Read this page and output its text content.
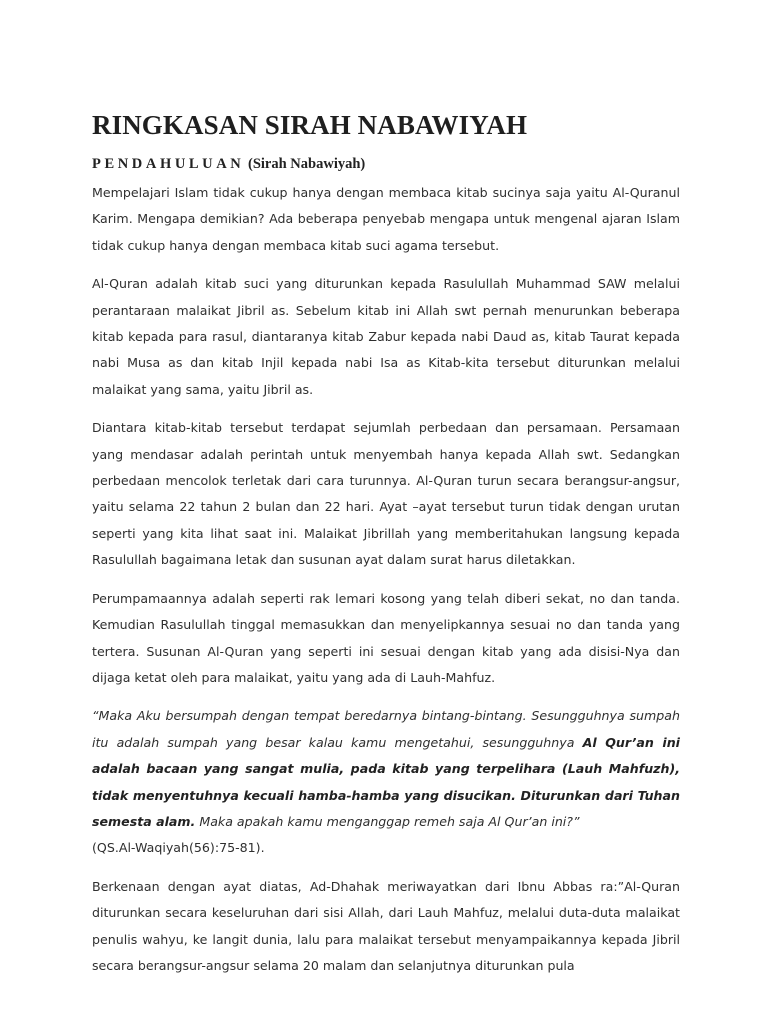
RINGKASAN SIRAH NABAWIYAH
PENDAHULUAN (Sirah Nabawiyah)

Mempelajari Islam tidak cukup hanya dengan membaca kitab sucinya saja yaitu Al-Quranul Karim. Mengapa demikian? Ada beberapa penyebab mengapa untuk mengenal ajaran Islam tidak cukup hanya dengan membaca kitab suci agama tersebut.

Al-Quran adalah kitab suci yang diturunkan kepada Rasulullah Muhammad SAW melalui perantaraan malaikat Jibril as. Sebelum kitab ini Allah swt pernah menurunkan beberapa kitab kepada para rasul, diantaranya kitab Zabur kepada nabi Daud as, kitab Taurat kepada nabi Musa as dan kitab Injil kepada nabi Isa as Kitab-kita tersebut diturunkan melalui malaikat yang sama, yaitu Jibril as.

Diantara kitab-kitab tersebut terdapat sejumlah perbedaan dan persamaan. Persamaan yang mendasar adalah perintah untuk menyembah hanya kepada Allah swt. Sedangkan perbedaan mencolok terletak dari cara turunnya. Al-Quran turun secara berangsur-angsur, yaitu selama 22 tahun 2 bulan dan 22 hari. Ayat –ayat tersebut turun tidak dengan urutan seperti yang kita lihat saat ini. Malaikat Jibrillah yang memberitahukan langsung kepada Rasulullah bagaimana letak dan susunan ayat dalam surat harus diletakkan.

Perumpamaannya adalah seperti rak lemari kosong yang telah diberi sekat, no dan tanda. Kemudian Rasulullah tinggal memasukkan dan menyelipkannya sesuai no dan tanda yang tertera. Susunan Al-Quran yang seperti ini sesuai dengan kitab yang ada disisi-Nya dan dijaga ketat oleh para malaikat, yaitu yang ada di Lauh-Mahfuz.

“Maka Aku bersumpah dengan tempat beredarnya bintang-bintang. Sesungguhnya sumpah itu adalah sumpah yang besar kalau kamu mengetahui, sesungguhnya Al Qur’an ini adalah bacaan yang sangat mulia, pada kitab yang terpelihara (Lauh Mahfuzh), tidak menyentuhnya kecuali hamba-hamba yang disucikan. Diturunkan dari Tuhan semesta alam. Maka apakah kamu menganggap remeh saja Al Qur’an ini?”
(QS.Al-Waqiyah(56):75-81).

Berkenaan dengan ayat diatas, Ad-Dhahak meriwayatkan dari Ibnu Abbas ra:”Al-Quran diturunkan secara keseluruhan dari sisi Allah, dari Lauh Mahfuz, melalui duta-duta malaikat penulis wahyu, ke langit dunia, lalu para malaikat tersebut menyampaikannya kepada Jibril secara berangsur-angsur selama 20 malam dan selanjutnya diturunkan pula
